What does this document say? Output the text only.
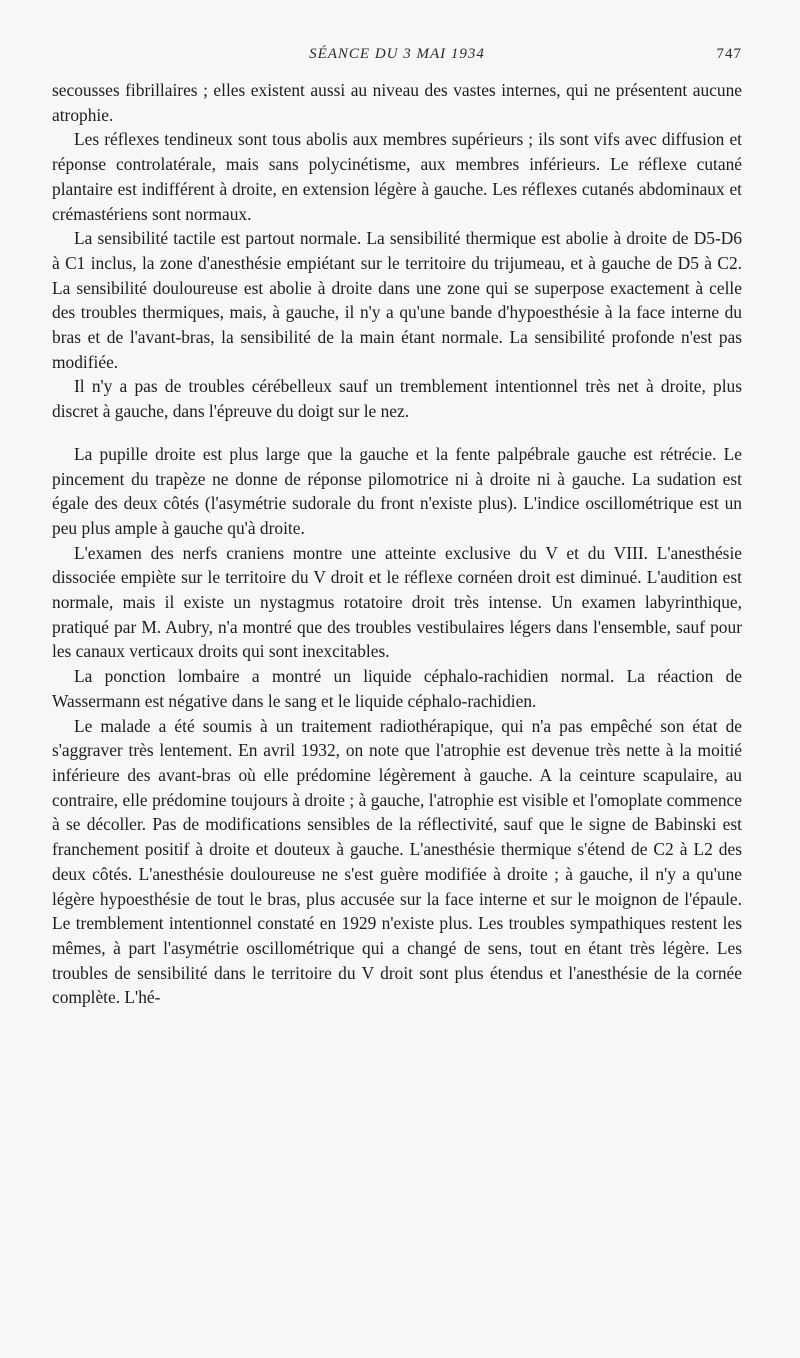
SÉANCE DU 3 MAI 1934	747

secousses fibrillaires ; elles existent aussi au niveau des vastes internes, qui ne présentent aucune atrophie.

Les réflexes tendineux sont tous abolis aux membres supérieurs ; ils sont vifs avec diffusion et réponse controlatérale, mais sans polycinétisme, aux membres inférieurs. Le réflexe cutané plantaire est indifférent à droite, en extension légère à gauche. Les réflexes cutanés abdominaux et crémastériens sont normaux.

La sensibilité tactile est partout normale. La sensibilité thermique est abolie à droite de D5-D6 à C1 inclus, la zone d'anesthésie empiétant sur le territoire du trijumeau, et à gauche de D5 à C2. La sensibilité douloureuse est abolie à droite dans une zone qui se superpose exactement à celle des troubles thermiques, mais, à gauche, il n'y a qu'une bande d'hypoesthésie à la face interne du bras et de l'avant-bras, la sensibilité de la main étant normale. La sensibilité profonde n'est pas modifiée.

Il n'y a pas de troubles cérébelleux sauf un tremblement intentionnel très net à droite, plus discret à gauche, dans l'épreuve du doigt sur le nez.

La pupille droite est plus large que la gauche et la fente palpébrale gauche est rétrécie. Le pincement du trapèze ne donne de réponse pilomotrice ni à droite ni à gauche. La sudation est égale des deux côtés (l'asymétrie sudorale du front n'existe plus). L'indice oscillométrique est un peu plus ample à gauche qu'à droite.

L'examen des nerfs craniens montre une atteinte exclusive du V et du VIII. L'anesthésie dissociée empiète sur le territoire du V droit et le réflexe cornéen droit est diminué. L'audition est normale, mais il existe un nystagmus rotatoire droit très intense. Un examen labyrinthique, pratiqué par M. Aubry, n'a montré que des troubles vestibulaires légers dans l'ensemble, sauf pour les canaux verticaux droits qui sont inexcitables.

La ponction lombaire a montré un liquide céphalo-rachidien normal. La réaction de Wassermann est négative dans le sang et le liquide céphalo-rachidien.

Le malade a été soumis à un traitement radiothérapique, qui n'a pas empêché son état de s'aggraver très lentement. En avril 1932, on note que l'atrophie est devenue très nette à la moitié inférieure des avant-bras où elle prédomine légèrement à gauche. A la ceinture scapulaire, au contraire, elle prédomine toujours à droite ; à gauche, l'atrophie est visible et l'omoplate commence à se décoller. Pas de modifications sensibles de la réflectivité, sauf que le signe de Babinski est franchement positif à droite et douteux à gauche. L'anesthésie thermique s'étend de C2 à L2 des deux côtés. L'anesthésie douloureuse ne s'est guère modifiée à droite ; à gauche, il n'y a qu'une légère hypoesthésie de tout le bras, plus accusée sur la face interne et sur le moignon de l'épaule. Le tremblement intentionnel constaté en 1929 n'existe plus. Les troubles sympathiques restent les mêmes, à part l'asymétrie oscillométrique qui a changé de sens, tout en étant très légère. Les troubles de sensibilité dans le territoire du V droit sont plus étendus et l'anesthésie de la cornée complète. L'hé-
